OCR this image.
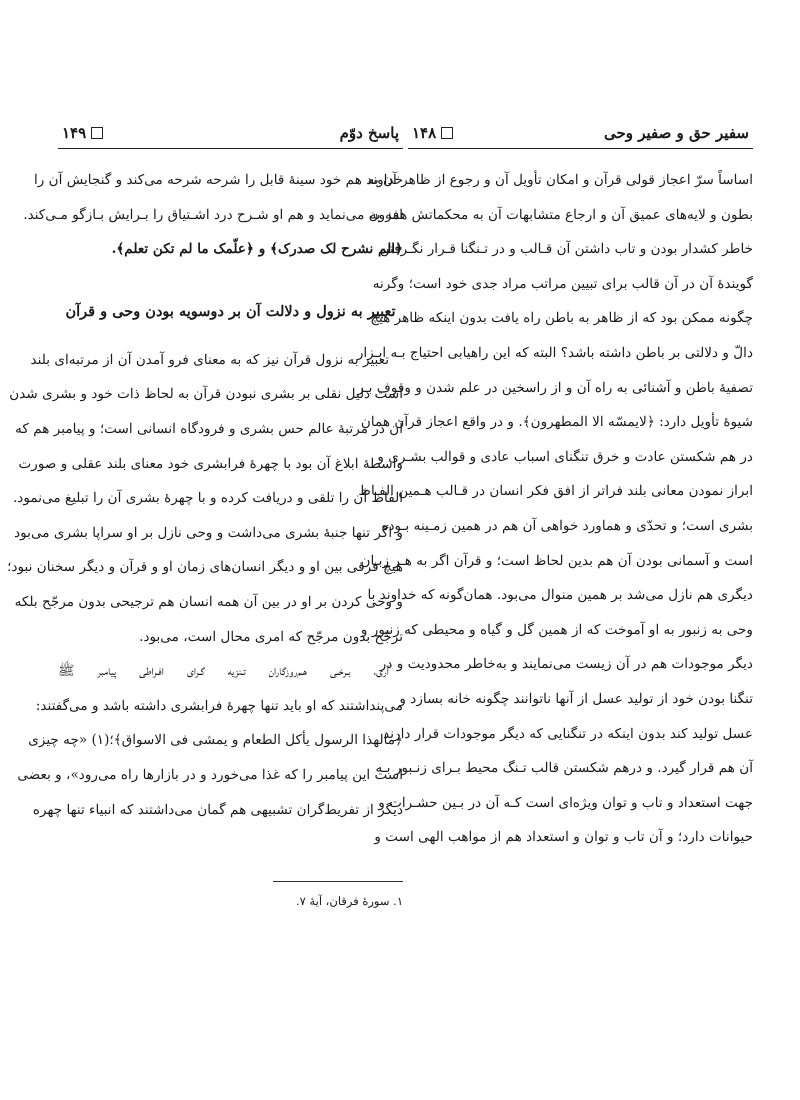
پاسخ دوّم
۱۴۹

خداوند هم خود سینهٔ قابل را شرحه شرحه می‌کند و گنجایش آن را

افزون می‌نماید و هم او شـرح درد اشـتیاق را بـرایش بـازگو مـی‌کند.

﴿الم نشرح لک صدرک﴾ و ﴿علّمک ما لم تکن تعلم﴾.

تعبیر به نزول و دلالت آن بر دوسویه بودن وحی و قرآن

تعبیر به نزول قرآن نیز که به معنای فرو آمدن آن از مرتبه‌ای بلند

است دلیل نقلی بر بشری نبودن قرآن به لحاظ ذات خود و بشری شدن

آن در مرتبهٔ عالم حس بشری و فرودگاه انسانی است؛ و پیامبر هم که

واسطهٔ ابلاغ آن بود با چهرهٔ فرابشری خود معنای بلند عقلی و صورت

الفاظ آن را تلقی و دریافت کرده و با چهرهٔ بشری آن را تبلیغ می‌نمود.

و اگر تنها جنبهٔ بشری می‌داشت و وحی نازل بر او سراپا بشری می‌بود

هیچ فرقی بین او و دیگر انسان‌های زمان او و قرآن و دیگر سخنان نبود؛

و وحی کردن بر او در بین آن همه انسان هم ترجیحی بدون مرجّح بلکه

ترجّح بدون مرجّح که امری محال است، می‌بود.

آری، بـرخـی هـم‌روزگاران تـنزیه گـرای افـراطی پیامبر ﷺ

می‌پنداشتند که او باید تنها چهرهٔ فرابشری داشته باشد و می‌گفتند:

﴿مالهذا الرسول یأکل الطعام و یمشی فی الاسواق﴾؛(۱) «چه چیزی

است این پیامبر را که غذا می‌خورد و در بازارها راه می‌رود»، و بعضی

دیگر از تفریط‌گران تشبیهی هم گمان می‌داشتند که انبیاء تنها چهره

۱. سورهٔ فرقان، آیهٔ ۷.
سفیر حق و صفیر وحی
۱۴۸

اساساً سرّ اعجاز قولی قرآن و امکان تأویل آن و رجوع از ظاهر آن به

بطون و لایه‌های عمیق آن و ارجاع متشابهات آن به محکماتش همه به

خاطر کشدار بودن و تاب داشتن آن قـالب و در تـنگنا قـرار نگـرفتن

گویندهٔ آن در آن قالب برای تبیین مراتب مراد جدی خود است؛ وگرنه

چگونه ممکن بود که از ظاهر به باطن راه یافت بدون اینکه ظاهر هیچ

دالّ و دلالتی بر باطن داشته باشد؟ البته که این راهیابی احتیاج بـه ابـزار

تصفیهٔ باطن و آشنائی به راه آن و از راسخین در علم شدن و وقوف بـر

شیوهٔ تأویل دارد: ﴿لایمسّه الا المطهرون﴾. و در واقع اعجاز قرآن همان

در هم شکستن عادت و خرق تنگنای اسباب عادی و قوالب بشـری و

ابراز نمودن معانی بلند فراتر از افق فکر انسان در قـالب هـمین الفـاظ

بشری است؛ و تحدّی و هماورد خواهی آن هم در همین زمـینه بـوده

است و آسمانی بودن آن هم بدین لحاظ است؛ و قرآن اگر به هـر زبـان

دیگری هم نازل می‌شد بر همین منوال می‌بود. همان‌گونه که خداوند با

وحی به زنبور به او آموخت که از همین گل و گیاه و محیطی که زنبور و

دیگر موجودات هم در آن زیست می‌نمایند و به‌خاطر محدودیت و در

تنگنا بودن خود از تولید عسل از آنها ناتوانند چگونه خانه بسازد و

عسل تولید کند بدون اینکه در تنگنایی که دیگر موجودات قرار دارند

آن هم قرار گیرد. و درهم شکستن قالب تـنگ محیط بـرای زنـبور بـه

جهت استعداد و تاب و توان ویژه‌ای است کـه آن در بـین حشـرات و

حیوانات دارد؛ و آن تاب و توان و استعداد هم از مواهب الهی است و
